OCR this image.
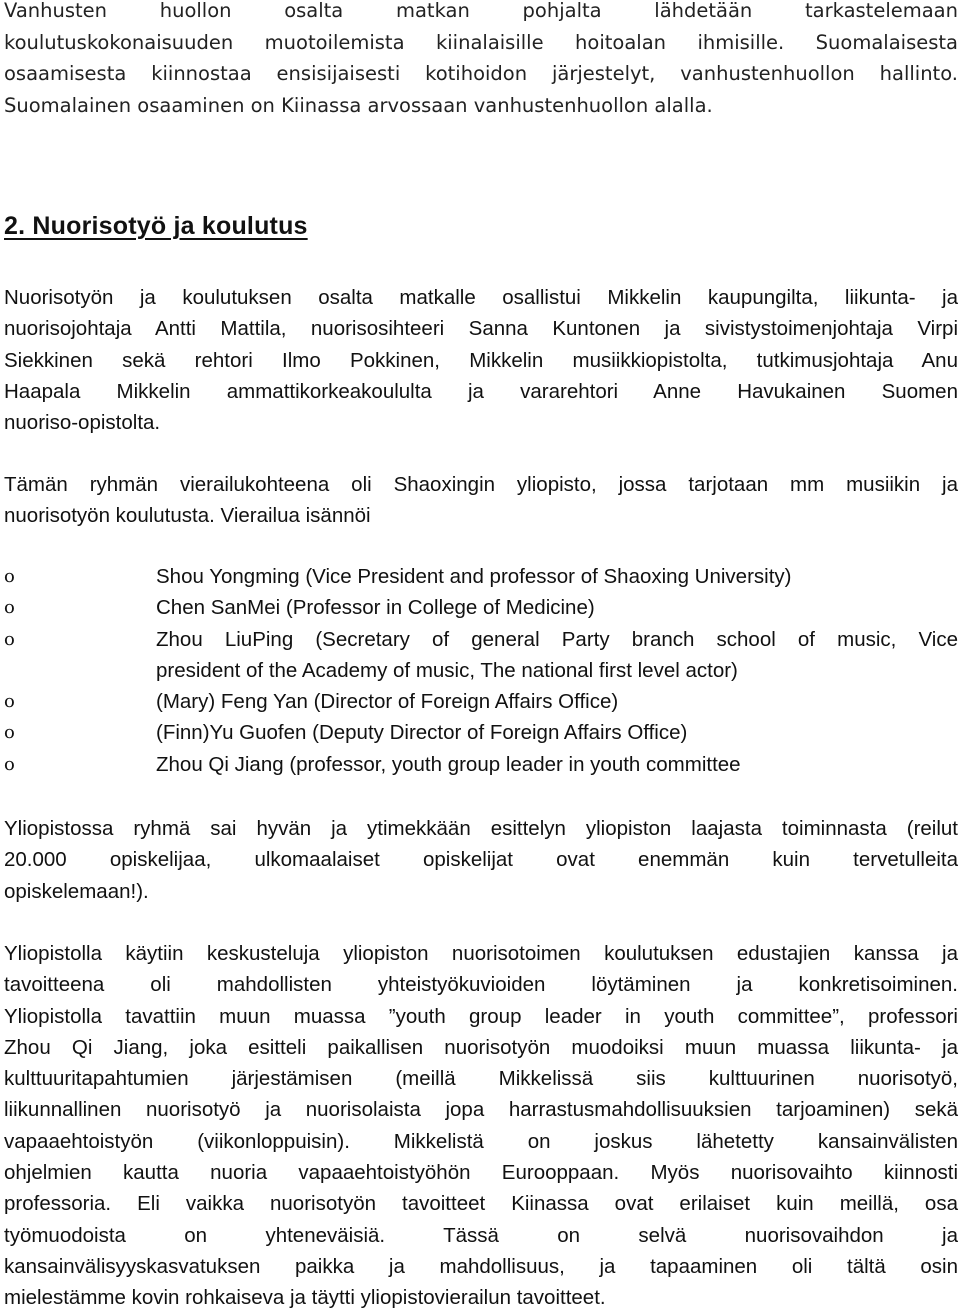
Vanhusten huollon osalta matkan pohjalta lähdetään tarkastelemaan
koulutuskokonaisuuden muotoilemista kiinalaisille hoitoalan ihmisille. Suomalaisesta
osaamisesta kiinnostaa ensisijaisesti kotihoidon järjestelyt, vanhustenhuollon hallinto.
Suomalainen osaaminen on Kiinassa arvossaan vanhustenhuollon alalla.

2. Nuorisotyö ja koulutus

Nuorisotyön ja koulutuksen osalta matkalle osallistui Mikkelin kaupungilta, liikunta- ja
nuorisojohtaja Antti Mattila, nuorisosihteeri Sanna Kuntonen ja sivistystoimenjohtaja Virpi
Siekkinen sekä rehtori Ilmo Pokkinen, Mikkelin musiikkiopistolta, tutkimusjohtaja Anu
Haapala Mikkelin ammattikorkeakoululta ja vararehtori Anne Havukainen Suomen
nuoriso-opistolta.

Tämän ryhmän vierailukohteena oli Shaoxingin yliopisto, jossa tarjotaan mm musiikin ja
nuorisotyön koulutusta. Vierailua isännöi

o	Shou Yongming (Vice President and professor of Shaoxing University)
o	Chen SanMei (Professor in College of Medicine)
o	Zhou LiuPing (Secretary of general Party branch school of music, Vice
president of the Academy of music, The national first level actor)
o	(Mary) Feng Yan (Director of Foreign Affairs Office)
o	(Finn)Yu Guofen (Deputy Director of Foreign Affairs Office)
o	Zhou Qi Jiang (professor, youth group leader in youth committee

Yliopistossa ryhmä sai hyvän ja ytimekkään esittelyn yliopiston laajasta toiminnasta (reilut
20.000 opiskelijaa, ulkomaalaiset opiskelijat ovat enemmän kuin tervetulleita
opiskelemaan!).

Yliopistolla käytiin keskusteluja yliopiston nuorisotoimen koulutuksen edustajien kanssa ja
tavoitteena oli mahdollisten yhteistyökuvioiden löytäminen ja konkretisoiminen.
Yliopistolla tavattiin muun muassa ”youth group leader in youth committee”, professori
Zhou Qi Jiang, joka esitteli paikallisen nuorisotyön muodoiksi muun muassa liikunta- ja
kulttuuritapahtumien järjestämisen (meillä Mikkelissä siis kulttuurinen nuorisotyö,
liikunnallinen nuorisotyö ja nuorisolaista jopa harrastusmahdollisuuksien tarjoaminen) sekä
vapaaehtoistyön (viikonloppuisin). Mikkelistä on joskus lähetetty kansainvälisten
ohjelmien kautta nuoria vapaaehtoistyöhön Eurooppaan. Myös nuorisovaihto kiinnosti
professoria. Eli vaikka nuorisotyön tavoitteet Kiinassa ovat erilaiset kuin meillä, osa
työmuodoista on yhteneväisiä. Tässä on selvä nuorisovaihdon ja
kansainvälisyyskasvatuksen paikka ja mahdollisuus, ja tapaaminen oli tältä osin
mielestämme kovin rohkaiseva ja täytti yliopistovierailun tavoitteet.
